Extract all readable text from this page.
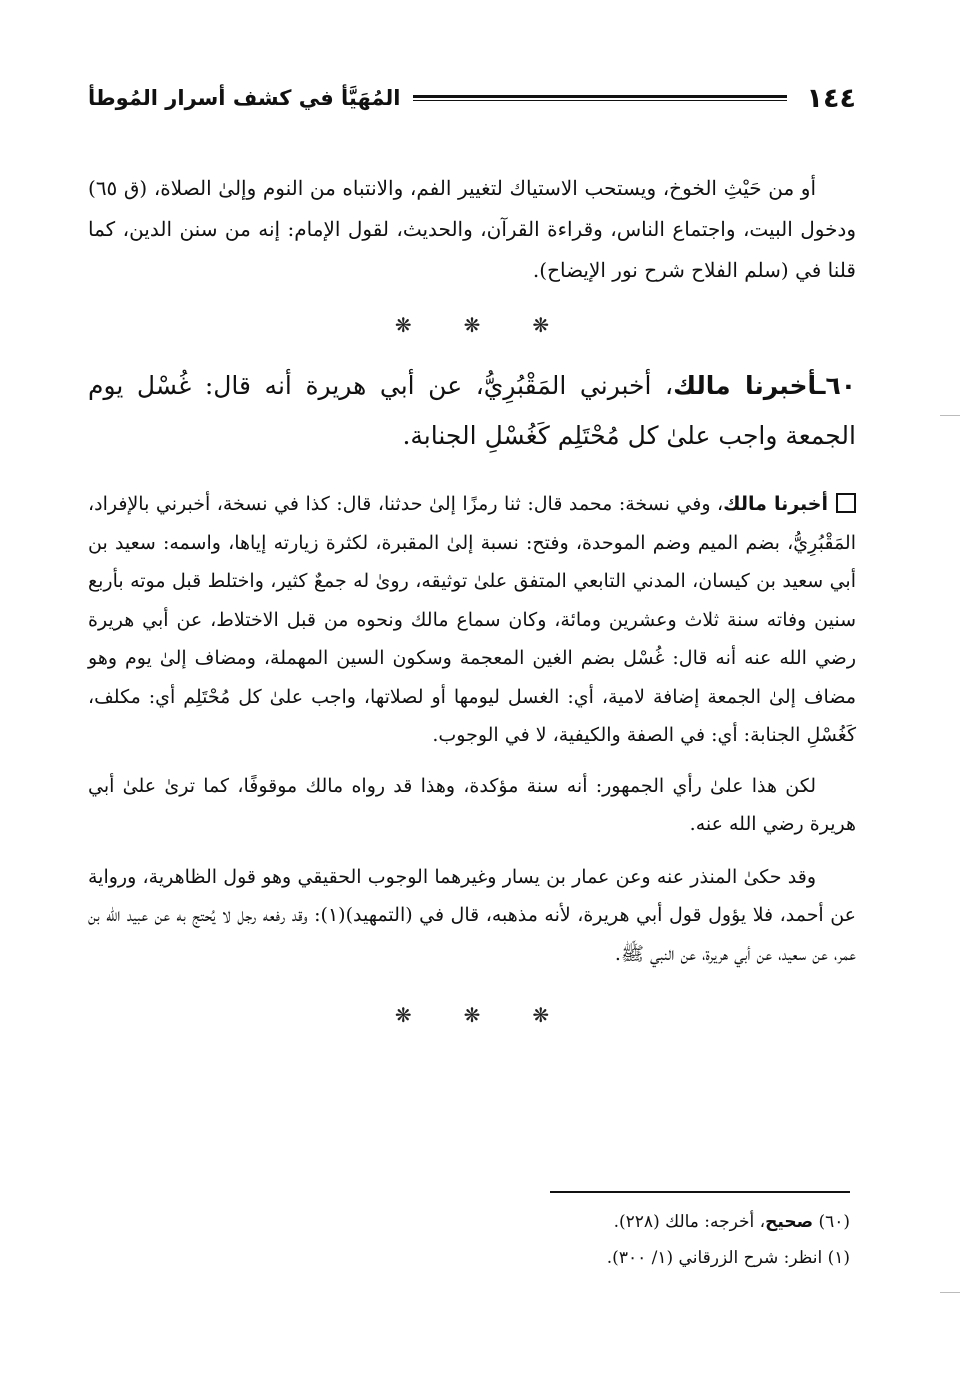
١٤٤
المُهَيَّأ في كشف أسرار المُوطأ

أو من حَيْثِ الخوخ، ويستحب الاستياك لتغيير الفم، والانتباه من النوم وإلىٰ الصلاة، (ق ٦٥) ودخول البيت، واجتماع الناس، وقراءة القرآن، والحديث، لقول الإمام: إنه من سنن الدين، كما قلنا في (سلم الفلاح شرح نور الإيضاح).

❋
❋
❋

٦٠ـأخبرنا مالك، أخبرني المَقْبُرِيُّ، عن أبي هريرة أنه قال: غُسْل يوم الجمعة واجب علىٰ كل مُحْتَلِم كَغُسْلِ الجنابة.

أخبرنا مالك، وفي نسخة: محمد قال: ثنا رمزًا إلىٰ حدثنا، قال: كذا في نسخة، أخبرني بالإفراد، المَقْبُرِيُّ، بضم الميم وضم الموحدة، وفتح: نسبة إلىٰ المقبرة، لكثرة زيارته إياها، واسمه: سعيد بن أبي سعيد بن كيسان، المدني التابعي المتفق علىٰ توثيقه، روىٰ له جمعٌ كثير، واختلط قبل موته بأربع سنين وفاته سنة ثلاث وعشرين ومائة، وكان سماع مالك ونحوه من قبل الاختلاط، عن أبي هريرة رضي الله عنه أنه قال: غُسْل بضم الغين المعجمة وسكون السين المهملة، ومضاف إلىٰ يوم وهو مضاف إلىٰ الجمعة إضافة لامية، أي: الغسل ليومها أو لصلاتها، واجب علىٰ كل مُحْتَلِم أي: مكلف، كَغُسْلِ الجنابة: أي: في الصفة والكيفية، لا في الوجوب.

لكن هذا علىٰ رأي الجمهور: أنه سنة مؤكدة، وهذا قد رواه مالك موقوفًا، كما ترىٰ علىٰ أبي هريرة رضي الله عنه.

وقد حكىٰ المنذر عنه وعن عمار بن يسار وغيرهما الوجوب الحقيقي وهو قول الظاهرية، ورواية عن أحمد، فلا يؤول قول أبي هريرة، لأنه مذهبه، قال في (التمهيد)(١): وقد رفعه رجل لا يُحتج به عن عبيد الله بن عمر، عن سعيد، عن أبي هريرة، عن النبي ﷺ.

❋
❋
❋
(٦٠) صحيح، أخرجه: مالك (٢٢٨).
(١) انظر: شرح الزرقاني (١/ ٣٠٠).
